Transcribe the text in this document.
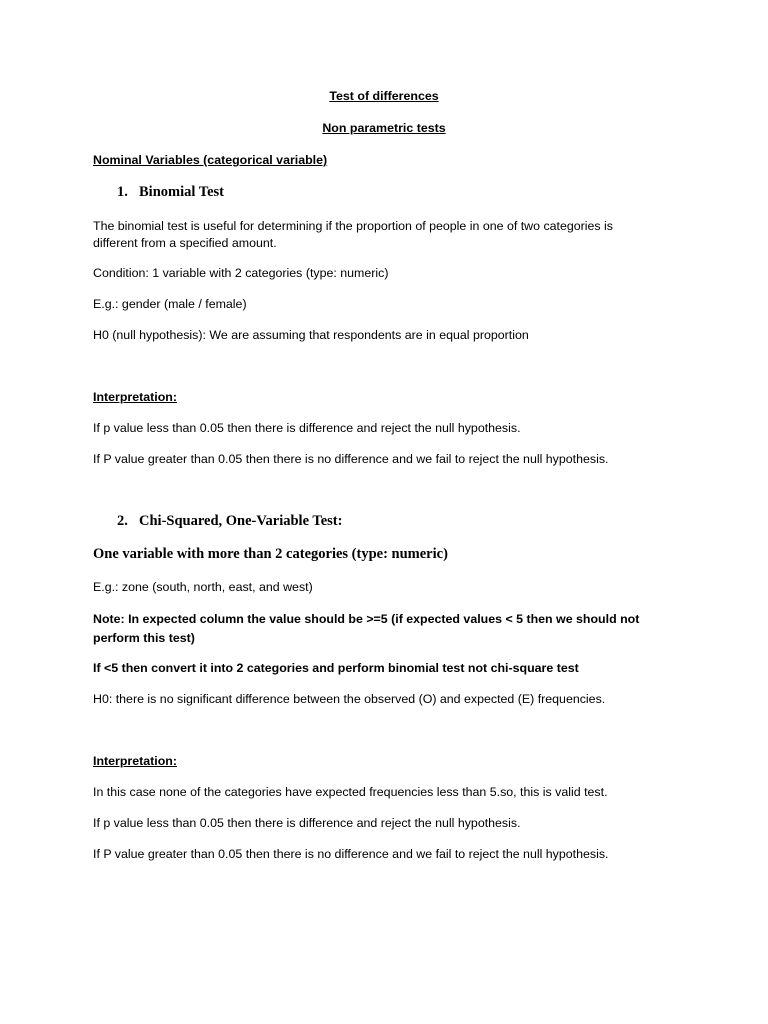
Test of differences
Non parametric tests
Nominal Variables (categorical variable)
1. Binomial Test
The binomial test is useful for determining if the proportion of people in one of two categories is different from a specified amount.
Condition: 1 variable with 2 categories (type: numeric)
E.g.: gender (male / female)
H0 (null hypothesis): We are assuming that respondents are in equal proportion
Interpretation:
If p value less than 0.05 then there is difference and reject the null hypothesis.
If P value greater than 0.05 then there is no difference and we fail to reject the null hypothesis.
2. Chi-Squared, One-Variable Test:
One variable with more than 2 categories (type: numeric)
E.g.: zone (south, north, east, and west)
Note: In expected column the value should be >=5 (if expected values < 5 then we should not perform this test)
If <5 then convert it into 2 categories and perform binomial test not chi-square test
H0: there is no significant difference between the observed (O) and expected (E) frequencies.
Interpretation:
In this case none of the categories have expected frequencies less than 5.so, this is valid test.
If p value less than 0.05 then there is difference and reject the null hypothesis.
If P value greater than 0.05 then there is no difference and we fail to reject the null hypothesis.
